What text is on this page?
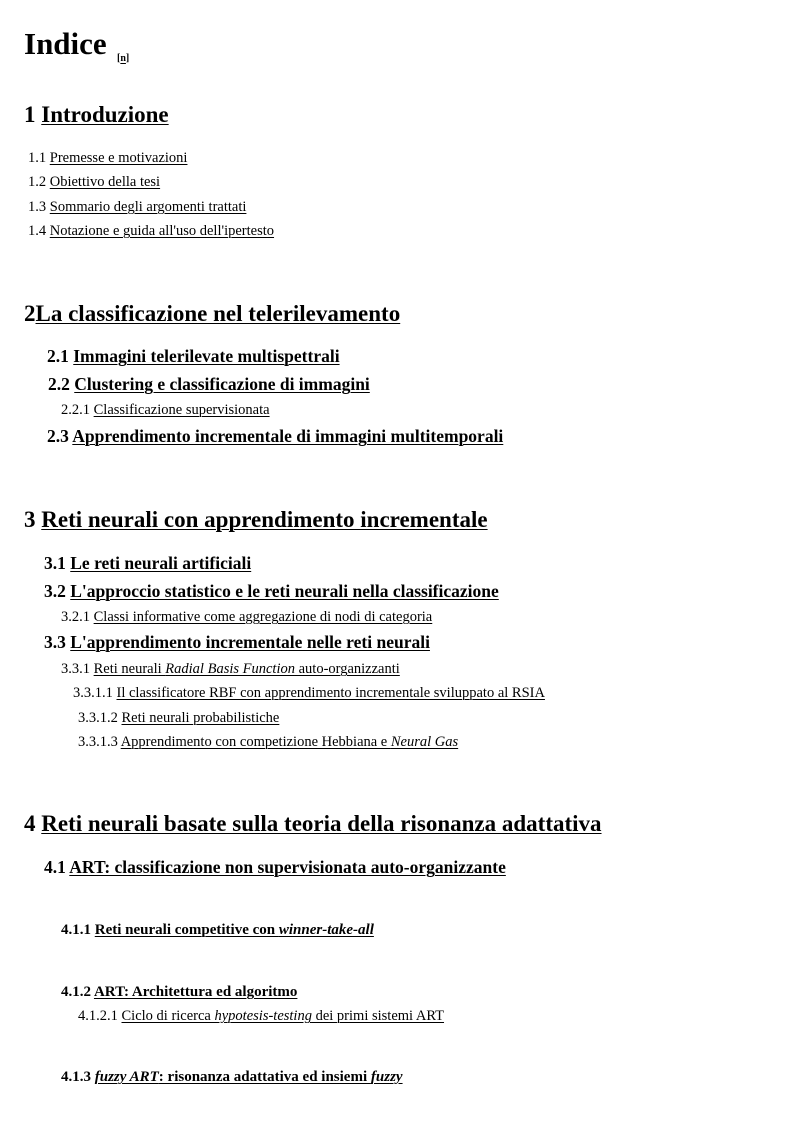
Indice [n]
1 Introduzione
1.1 Premesse e motivazioni
1.2 Obiettivo della tesi
1.3 Sommario degli argomenti trattati
1.4 Notazione e guida all'uso dell'ipertesto
2La classificazione nel telerilevamento
2.1 Immagini telerilevate multispettrali
2.2 Clustering e classificazione di immagini
2.2.1 Classificazione supervisionata
2.3 Apprendimento incrementale di immagini multitemporali
3 Reti neurali con apprendimento incrementale
3.1 Le reti neurali artificiali
3.2 L'approccio statistico e le reti neurali nella classificazione
3.2.1 Classi informative come aggregazione di nodi di categoria
3.3 L'apprendimento incrementale nelle reti neurali
3.3.1 Reti neurali Radial Basis Function auto-organizzanti
3.3.1.1 Il classificatore RBF con apprendimento incrementale sviluppato al RSIA
3.3.1.2 Reti neurali probabilistiche
3.3.1.3 Apprendimento con competizione Hebbiana e Neural Gas
4 Reti neurali basate sulla teoria della risonanza adattativa
4.1 ART: classificazione non supervisionata auto-organizzante
4.1.1 Reti neurali competitive con winner-take-all
4.1.2 ART: Architettura ed algoritmo
4.1.2.1 Ciclo di ricerca hypotesis-testing dei primi sistemi ART
4.1.3 fuzzy ART: risonanza adattativa ed insiemi fuzzy
